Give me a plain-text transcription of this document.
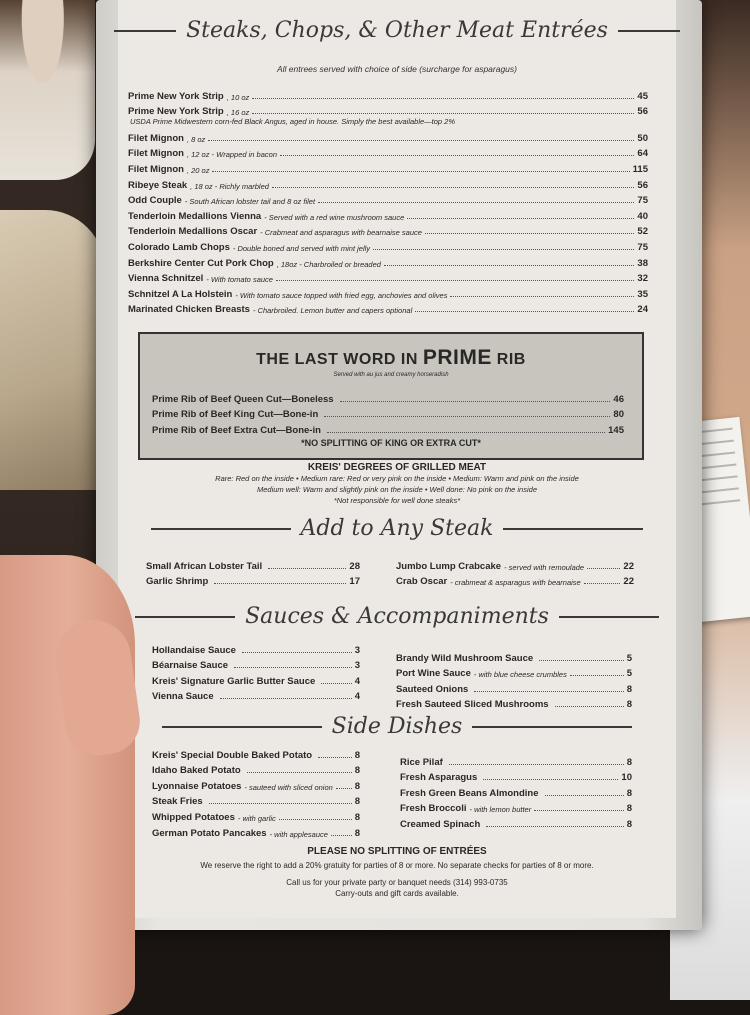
Steaks, Chops, & Other Meat Entrées
All entrees served with choice of side (surcharge for asparagus)
Prime New York Strip , 10 oz	45
Prime New York Strip , 16 oz	56
USDA Prime Midwestern corn-fed Black Angus, aged in house. Simply the best available—top 2%
Filet Mignon , 8 oz	50
Filet Mignon , 12 oz - Wrapped in bacon	64
Filet Mignon , 20 oz	115
Ribeye Steak , 18 oz - Richly marbled	56
Odd Couple - South African lobster tail and 8 oz filet	75
Tenderloin Medallions Vienna - Served with a red wine mushroom sauce	40
Tenderloin Medallions Oscar - Crabmeat and asparagus with bearnaise sauce	52
Colorado Lamb Chops - Double boned and served with mint jelly	75
Berkshire Center Cut Pork Chop , 18oz - Charbroiled or breaded	38
Vienna Schnitzel - With tomato sauce	32
Schnitzel A La Holstein - With tomato sauce topped with fried egg, anchovies and olives	35
Marinated Chicken Breasts - Charbroiled. Lemon butter and capers optional	24
THE LAST WORD IN PRIME RIB
Served with au jus and creamy horseradish
Prime Rib of Beef Queen Cut—Boneless	46
Prime Rib of Beef King Cut—Bone-in	80
Prime Rib of Beef Extra Cut—Bone-in	145
*NO SPLITTING OF KING OR EXTRA CUT*
KREIS' DEGREES OF GRILLED MEAT
Rare: Red on the inside • Medium rare: Red or very pink on the inside • Medium: Warm and pink on the inside
Medium well: Warm and slightly pink on the inside • Well done: No pink on the inside
*Not responsible for well done steaks*
Add to Any Steak
Small African Lobster Tail	28
Garlic Shrimp	17
Jumbo Lump Crabcake - served with remoulade	22
Crab Oscar - crabmeat & asparagus with bearnaise	22
Sauces & Accompaniments
Hollandaise Sauce	3
Béarnaise Sauce	3
Kreis' Signature Garlic Butter Sauce	4
Vienna Sauce	4
Brandy Wild Mushroom Sauce	5
Port Wine Sauce - with blue cheese crumbles	5
Sauteed Onions	8
Fresh Sauteed Sliced Mushrooms	8
Side Dishes
Kreis' Special Double Baked Potato	8
Idaho Baked Potato	8
Lyonnaise Potatoes - sauteed with sliced onion 8
Steak Fries	8
Whipped Potatoes - with garlic	8
German Potato Pancakes - with applesauce	8
Rice Pilaf	8
Fresh Asparagus	10
Fresh Green Beans Almondine	8
Fresh Broccoli - with lemon butter	8
Creamed Spinach	8
PLEASE NO SPLITTING OF ENTRÉES
We reserve the right to add a 20% gratuity for parties of 8 or more. No separate checks for parties of 8 or more.
Call us for your private party or banquet needs (314) 993-0735
Carry-outs and gift cards available.
